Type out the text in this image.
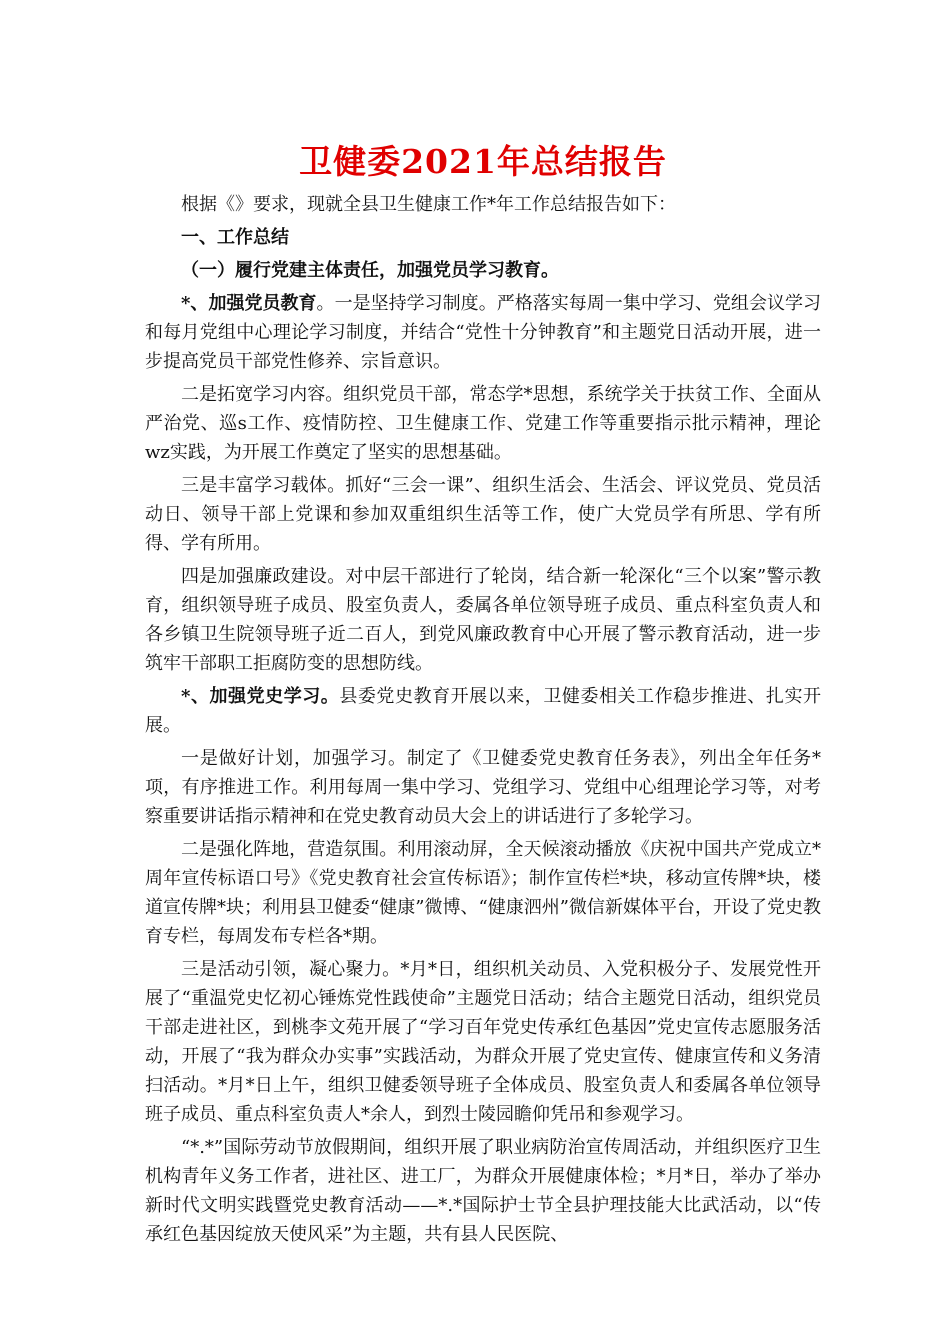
卫健委2021年总结报告

根据《》要求，现就全县卫生健康工作*年工作总结报告如下：

一、工作总结

（一）履行党建主体责任，加强党员学习教育。

*、加强党员教育。一是坚持学习制度。严格落实每周一集中学习、党组会议学习和每月党组中心理论学习制度，并结合“党性十分钟教育”和主题党日活动开展，进一步提高党员干部党性修养、宗旨意识。

二是拓宽学习内容。组织党员干部，常态学*思想，系统学关于扶贫工作、全面从严治党、巡s工作、疫情防控、卫生健康工作、党建工作等重要指示批示精神，理论wz实践，为开展工作奠定了坚实的思想基础。

三是丰富学习载体。抓好“三会一课”、组织生活会、生活会、评议党员、党员活动日、领导干部上党课和参加双重组织生活等工作，使广大党员学有所思、学有所得、学有所用。

四是加强廉政建设。对中层干部进行了轮岗，结合新一轮深化“三个以案”警示教育，组织领导班子成员、股室负责人，委属各单位领导班子成员、重点科室负责人和各乡镇卫生院领导班子近二百人，到党风廉政教育中心开展了警示教育活动，进一步筑牢干部职工拒腐防变的思想防线。

*、加强党史学习。县委党史教育开展以来，卫健委相关工作稳步推进、扎实开展。

一是做好计划，加强学习。制定了《卫健委党史教育任务表》，列出全年任务*项，有序推进工作。利用每周一集中学习、党组学习、党组中心组理论学习等，对考察重要讲话指示精神和在党史教育动员大会上的讲话进行了多轮学习。

二是强化阵地，营造氛围。利用滚动屏，全天候滚动播放《庆祝中国共产党成立*周年宣传标语口号》《党史教育社会宣传标语》；制作宣传栏*块，移动宣传牌*块，楼道宣传牌*块；利用县卫健委“健康”微博、“健康泗州”微信新媒体平台，开设了党史教育专栏，每周发布专栏各*期。

三是活动引领，凝心聚力。*月*日，组织机关动员、入党积极分子、发展党性开展了“重温党史忆初心锤炼党性践使命”主题党日活动；结合主题党日活动，组织党员干部走进社区，到桃李文苑开展了“学习百年党史传承红色基因”党史宣传志愿服务活动，开展了“我为群众办实事”实践活动，为群众开展了党史宣传、健康宣传和义务清扫活动。*月*日上午，组织卫健委领导班子全体成员、股室负责人和委属各单位领导班子成员、重点科室负责人*余人，到烈士陵园瞻仰凭吊和参观学习。

“*.*”国际劳动节放假期间，组织开展了职业病防治宣传周活动，并组织医疗卫生机构青年义务工作者，进社区、进工厂，为群众开展健康体检；*月*日，举办了举办新时代文明实践暨党史教育活动——*.*国际护士节全县护理技能大比武活动，以“传承红色基因绽放天使风采”为主题，共有县人民医院、
